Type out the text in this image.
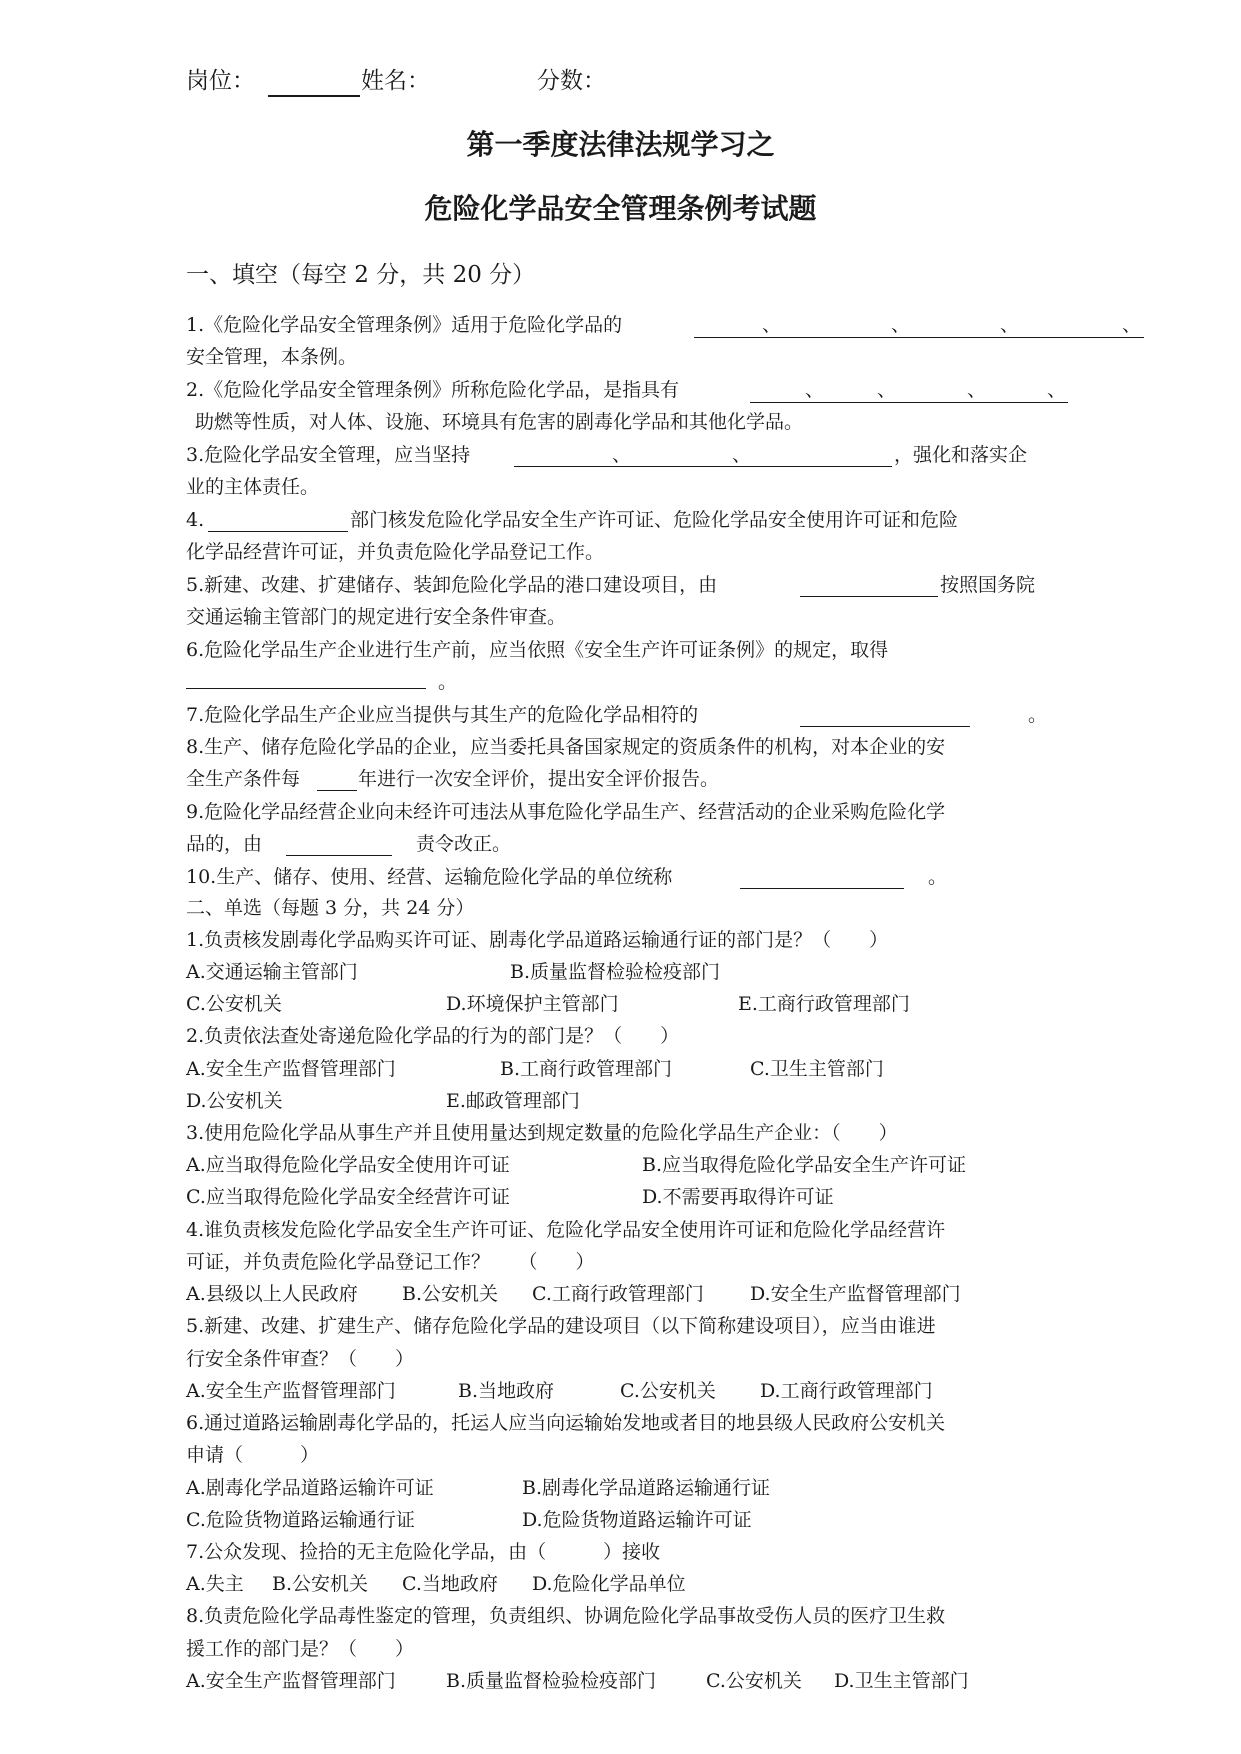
岗位：	姓名：	分数：
第一季度法律法规学习之
危险化学品安全管理条例考试题
一、填空（每空 2 分，共 20 分）
1.《危险化学品安全管理条例》适用于危险化学品的	、	、	、	、
安全管理，本条例。
2.《危险化学品安全管理条例》所称危险化学品，是指具有	、	、	、	、
助燃等性质，对人体、设施、环境具有危害的剧毒化学品和其他化学品。
3.危险化学品安全管理，应当坚持	、	、	，强化和落实企
业的主体责任。
4.	部门核发危险化学品安全生产许可证、危险化学品安全使用许可证和危险
化学品经营许可证，并负责危险化学品登记工作。
5.新建、改建、扩建储存、装卸危险化学品的港口建设项目，由	按照国务院
交通运输主管部门的规定进行安全条件审查。
6.危险化学品生产企业进行生产前，应当依照《安全生产许可证条例》的规定，取得
。
7.危险化学品生产企业应当提供与其生产的危险化学品相符的	。
8.生产、储存危险化学品的企业，应当委托具备国家规定的资质条件的机构，对本企业的安
全生产条件每	年进行一次安全评价，提出安全评价报告。
9.危险化学品经营企业向未经许可违法从事危险化学品生产、经营活动的企业采购危险化学
品的，由	责令改正。
10.生产、储存、使用、经营、运输危险化学品的单位统称	。
二、单选（每题 3 分，共 24 分）
1.负责核发剧毒化学品购买许可证、剧毒化学品道路运输通行证的部门是？（　　）
A.交通运输主管部门	B.质量监督检验检疫部门
C.公安机关	D.环境保护主管部门	E.工商行政管理部门
2.负责依法查处寄递危险化学品的行为的部门是？（　　）
A.安全生产监督管理部门	B.工商行政管理部门	C.卫生主管部门
D.公安机关	E.邮政管理部门
3.使用危险化学品从事生产并且使用量达到规定数量的危险化学品生产企业：（　　）
A.应当取得危险化学品安全使用许可证	B.应当取得危险化学品安全生产许可证
C.应当取得危险化学品安全经营许可证	D.不需要再取得许可证
4.谁负责核发危险化学品安全生产许可证、危险化学品安全使用许可证和危险化学品经营许
可证，并负责危险化学品登记工作？　　（　　）
A.县级以上人民政府 B.公安机关 C.工商行政管理部门 D.安全生产监督管理部门
5.新建、改建、扩建生产、储存危险化学品的建设项目（以下简称建设项目），应当由谁进
行安全条件审查？（　　）
A.安全生产监督管理部门	B.当地政府	C.公安机关 D.工商行政管理部门
6.通过道路运输剧毒化学品的，托运人应当向运输始发地或者目的地县级人民政府公安机关
申请（　　　）
A.剧毒化学品道路运输许可证	B.剧毒化学品道路运输通行证
C.危险货物道路运输通行证	D.危险货物道路运输许可证
7.公众发现、捡拾的无主危险化学品，由（　　　）接收
A.失主 B.公安机关 C.当地政府 D.危险化学品单位
8.负责危险化学品毒性鉴定的管理，负责组织、协调危险化学品事故受伤人员的医疗卫生救
援工作的部门是？（　　）
A.安全生产监督管理部门	B.质量监督检验检疫部门	C.公安机关 D.卫生主管部门
